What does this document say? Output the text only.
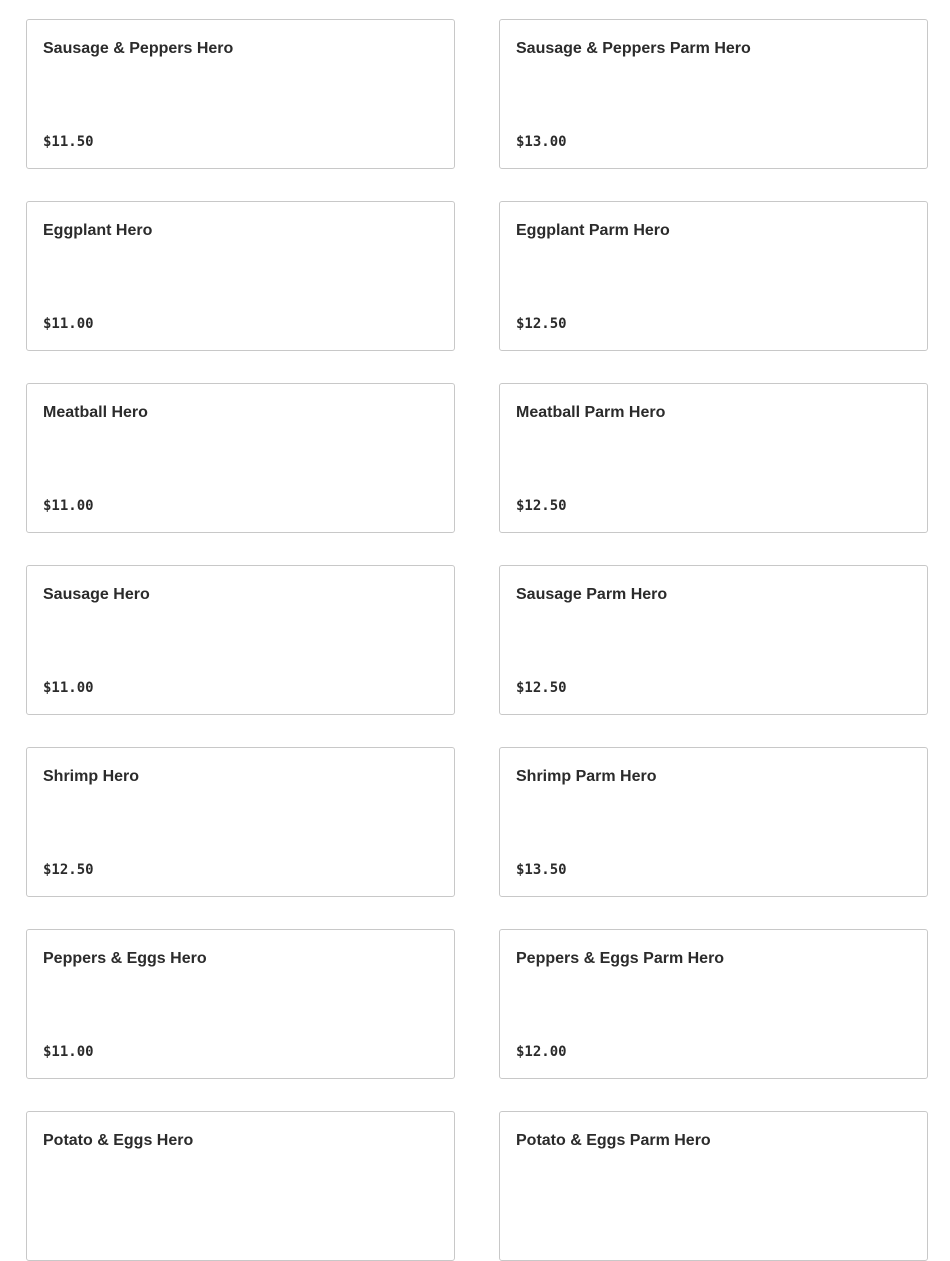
Sausage & Peppers Hero
$11.50
Sausage & Peppers Parm Hero
$13.00
Eggplant Hero
$11.00
Eggplant Parm Hero
$12.50
Meatball Hero
$11.00
Meatball Parm Hero
$12.50
Sausage Hero
$11.00
Sausage Parm Hero
$12.50
Shrimp Hero
$12.50
Shrimp Parm Hero
$13.50
Peppers & Eggs Hero
$11.00
Peppers & Eggs Parm Hero
$12.00
Potato & Eggs Hero	Potato & Eggs Parm Hero
